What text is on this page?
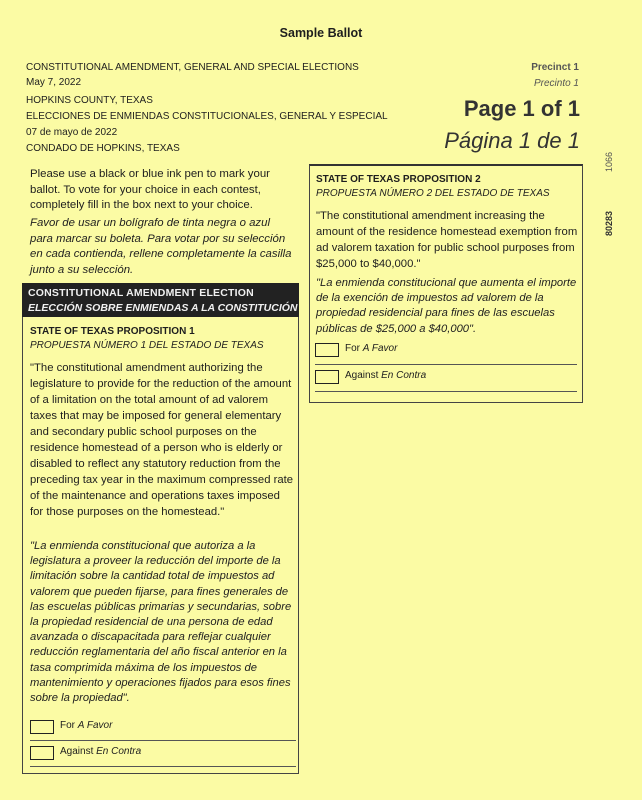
Sample Ballot
CONSTITUTIONAL AMENDMENT, GENERAL AND SPECIAL ELECTIONS
May 7, 2022
HOPKINS COUNTY, TEXAS
ELECCIONES DE ENMIENDAS CONSTITUCIONALES, GENERAL Y ESPECIAL
07 de mayo de 2022
CONDADO DE HOPKINS, TEXAS
Precinct 1
Precinto 1
Page 1 of 1
Página 1 de 1
Please use a black or blue ink pen to mark your ballot. To vote for your choice in each contest, completely fill in the box next to your choice.
Favor de usar un bolígrafo de tinta negra o azul para marcar su boleta. Para votar por su selección en cada contienda, rellene completamente la casilla junto a su selección.
CONSTITUTIONAL AMENDMENT ELECTION
ELECCIÓN SOBRE ENMIENDAS A LA CONSTITUCIÓN
STATE OF TEXAS PROPOSITION 1
PROPUESTA NÚMERO 1 DEL ESTADO DE TEXAS
"The constitutional amendment authorizing the legislature to provide for the reduction of the amount of a limitation on the total amount of ad valorem taxes that may be imposed for general elementary and secondary public school purposes on the residence homestead of a person who is elderly or disabled to reflect any statutory reduction from the preceding tax year in the maximum compressed rate of the maintenance and operations taxes imposed for those purposes on the homestead."
"La enmienda constitucional que autoriza a la legislatura a proveer la reducción del importe de la limitación sobre la cantidad total de impuestos ad valorem que pueden fijarse, para fines generales de las escuelas públicas primarias y secundarias, sobre la propiedad residencial de una persona de edad avanzada o discapacitada para reflejar cualquier reducción reglamentaria del año fiscal anterior en la tasa comprimida máxima de los impuestos de mantenimiento y operaciones fijados para esos fines sobre la propiedad".
For A Favor
Against En Contra
STATE OF TEXAS PROPOSITION 2
PROPUESTA NÚMERO 2 DEL ESTADO DE TEXAS
"The constitutional amendment increasing the amount of the residence homestead exemption from ad valorem taxation for public school purposes from $25,000 to $40,000."
"La enmienda constitucional que aumenta el importe de la exención de impuestos ad valorem de la propiedad residencial para fines de las escuelas públicas de $25,000 a $40,000".
For A Favor
Against En Contra
1066
80283
